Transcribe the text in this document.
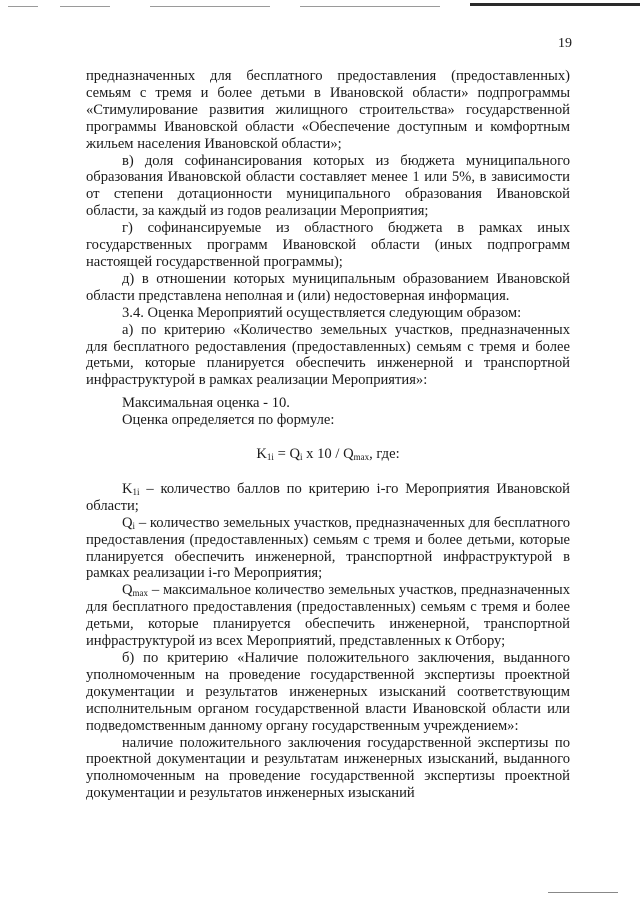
19

предназначенных для бесплатного предоставления (предоставленных) семьям с тремя и более детьми в Ивановской области» подпрограммы «Стимулирование развития жилищного строительства» государственной программы Ивановской области «Обеспечение доступным и комфортным жильем населения Ивановской области»;

в) доля софинансирования которых из бюджета муниципального образования Ивановской области составляет менее 1 или 5%, в зависимости от степени дотационности муниципального образования Ивановской области, за каждый из годов реализации Мероприятия;

г) софинансируемые из областного бюджета в рамках иных государственных программ Ивановской области (иных подпрограмм настоящей государственной программы);

д) в отношении которых муниципальным образованием Ивановской области представлена неполная и (или) недостоверная информация.

3.4. Оценка Мероприятий осуществляется следующим образом:

а) по критерию «Количество земельных участков, предназначенных для бесплатного редоставления (предоставленных) семьям с тремя и более детьми, которые планируется обеспечить инженерной и транспортной инфраструктурой в рамках реализации Мероприятия»:

Максимальная оценка - 10.

Оценка определяется по формуле:

$K_{1i} = Q_i$ x $10 / Q_{max}$, где:

$K_{1i}$ – количество баллов по критерию i-го Мероприятия Ивановской области;

$Q_i$ – количество земельных участков, предназначенных для бесплатного предоставления (предоставленных) семьям с тремя и более детьми, которые планируется обеспечить инженерной, транспортной инфраструктурой в рамках реализации i-го Мероприятия;

$Q_{max}$ – максимальное количество земельных участков, предназначенных для бесплатного предоставления (предоставленных) семьям с тремя и более детьми, которые планируется обеспечить инженерной, транспортной инфраструктурой из всех Мероприятий, представленных к Отбору;

б) по критерию «Наличие положительного заключения, выданного уполномоченным на проведение государственной экспертизы проектной документации и результатов инженерных изысканий соответствующим исполнительным органом государственной власти Ивановской области или подведомственным данному органу государственным учреждением»:

наличие положительного заключения государственной экспертизы по проектной документации и результатам инженерных изысканий, выданного уполномоченным на проведение государственной экспертизы проектной документации и результатов инженерных изысканий
